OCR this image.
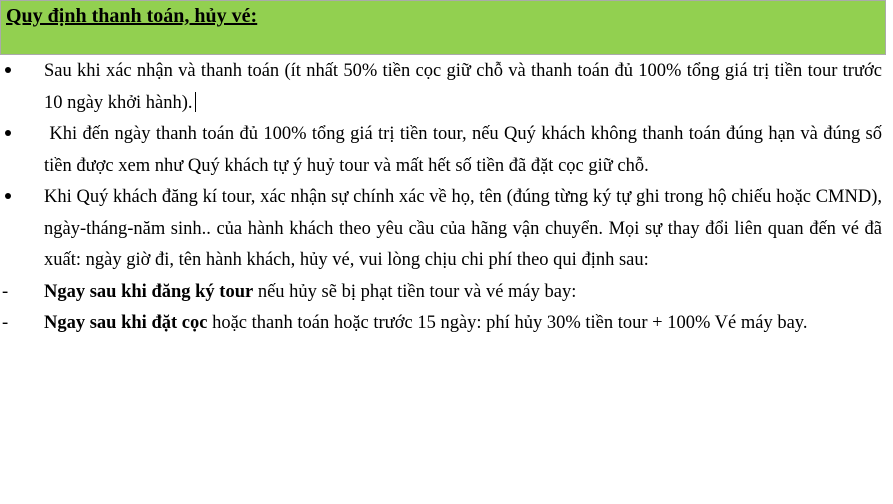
Quy định thanh toán, hủy vé:
Sau khi xác nhận và thanh toán (ít nhất 50% tiền cọc giữ chỗ và thanh toán đủ 100% tổng giá trị tiền tour trước 10 ngày khởi hành).
Khi đến ngày thanh toán đủ 100% tổng giá trị tiền tour, nếu Quý khách không thanh toán đúng hạn và đúng số tiền được xem như Quý khách tự ý huỷ tour và mất hết số tiền đã đặt cọc giữ chỗ.
Khi Quý khách đăng kí tour, xác nhận sự chính xác về họ, tên (đúng từng ký tự ghi trong hộ chiếu hoặc CMND), ngày-tháng-năm sinh.. của hành khách theo yêu cầu của hãng vận chuyển. Mọi sự thay đổi liên quan đến vé đã xuất: ngày giờ đi, tên hành khách, hủy vé, vui lòng chịu chi phí theo qui định sau:
-	Ngay sau khi đăng ký tour nếu hủy sẽ bị phạt tiền tour và vé máy bay:
-	Ngay sau khi đặt cọc hoặc thanh toán hoặc trước 15 ngày: phí hủy 30% tiền tour + 100% Vé máy bay.
